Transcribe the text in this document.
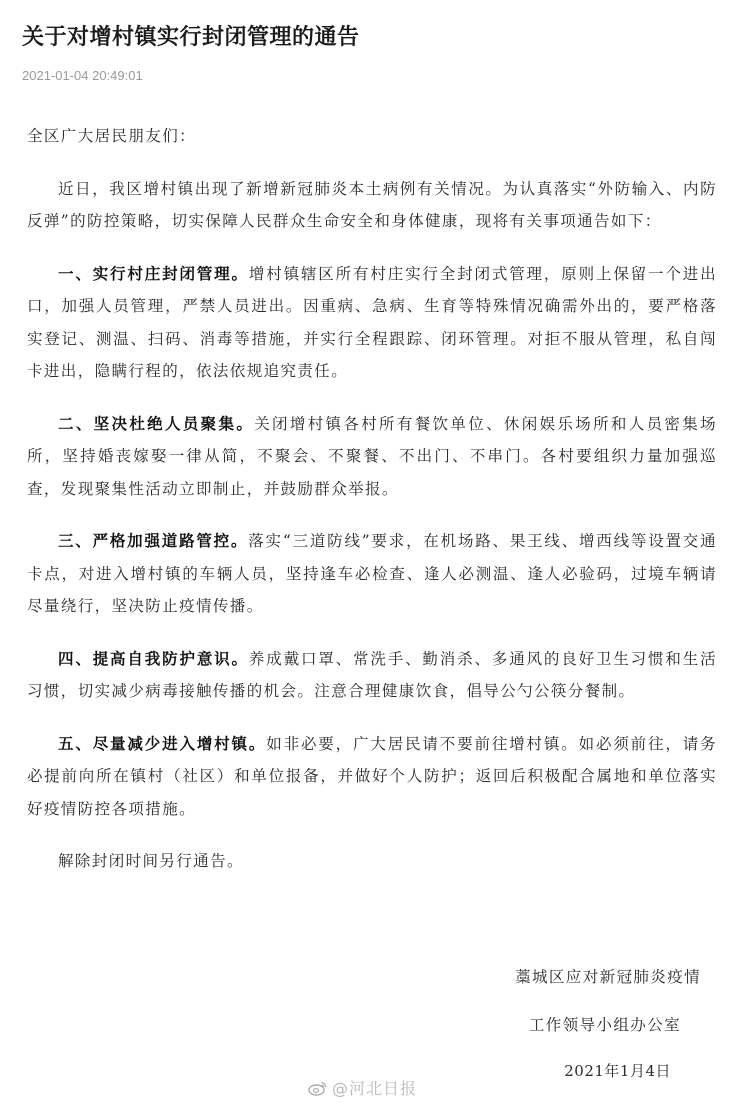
关于对增村镇实行封闭管理的通告
2021-01-04 20:49:01

全区广大居民朋友们：

近日，我区增村镇出现了新增新冠肺炎本土病例有关情况。为认真落实“外防输入、内防反弹”的防控策略，切实保障人民群众生命安全和身体健康，现将有关事项通告如下：

一、实行村庄封闭管理。增村镇辖区所有村庄实行全封闭式管理，原则上保留一个进出口，加强人员管理，严禁人员进出。因重病、急病、生育等特殊情况确需外出的，要严格落实登记、测温、扫码、消毒等措施，并实行全程跟踪、闭环管理。对拒不服从管理，私自闯卡进出，隐瞒行程的，依法依规追究责任。

二、坚决杜绝人员聚集。关闭增村镇各村所有餐饮单位、休闲娱乐场所和人员密集场所，坚持婚丧嫁娶一律从简，不聚会、不聚餐、不出门、不串门。各村要组织力量加强巡查，发现聚集性活动立即制止，并鼓励群众举报。

三、严格加强道路管控。落实“三道防线”要求，在机场路、果王线、增西线等设置交通卡点，对进入增村镇的车辆人员，坚持逢车必检查、逢人必测温、逢人必验码，过境车辆请尽量绕行，坚决防止疫情传播。

四、提高自我防护意识。养成戴口罩、常洗手、勤消杀、多通风的良好卫生习惯和生活习惯，切实减少病毒接触传播的机会。注意合理健康饮食，倡导公勺公筷分餐制。

五、尽量减少进入增村镇。如非必要，广大居民请不要前往增村镇。如必须前往，请务必提前向所在镇村（社区）和单位报备，并做好个人防护；返回后积极配合属地和单位落实好疫情防控各项措施。

解除封闭时间另行通告。

藁城区应对新冠肺炎疫情
工作领导小组办公室
2021年1月4日
@河北日报
